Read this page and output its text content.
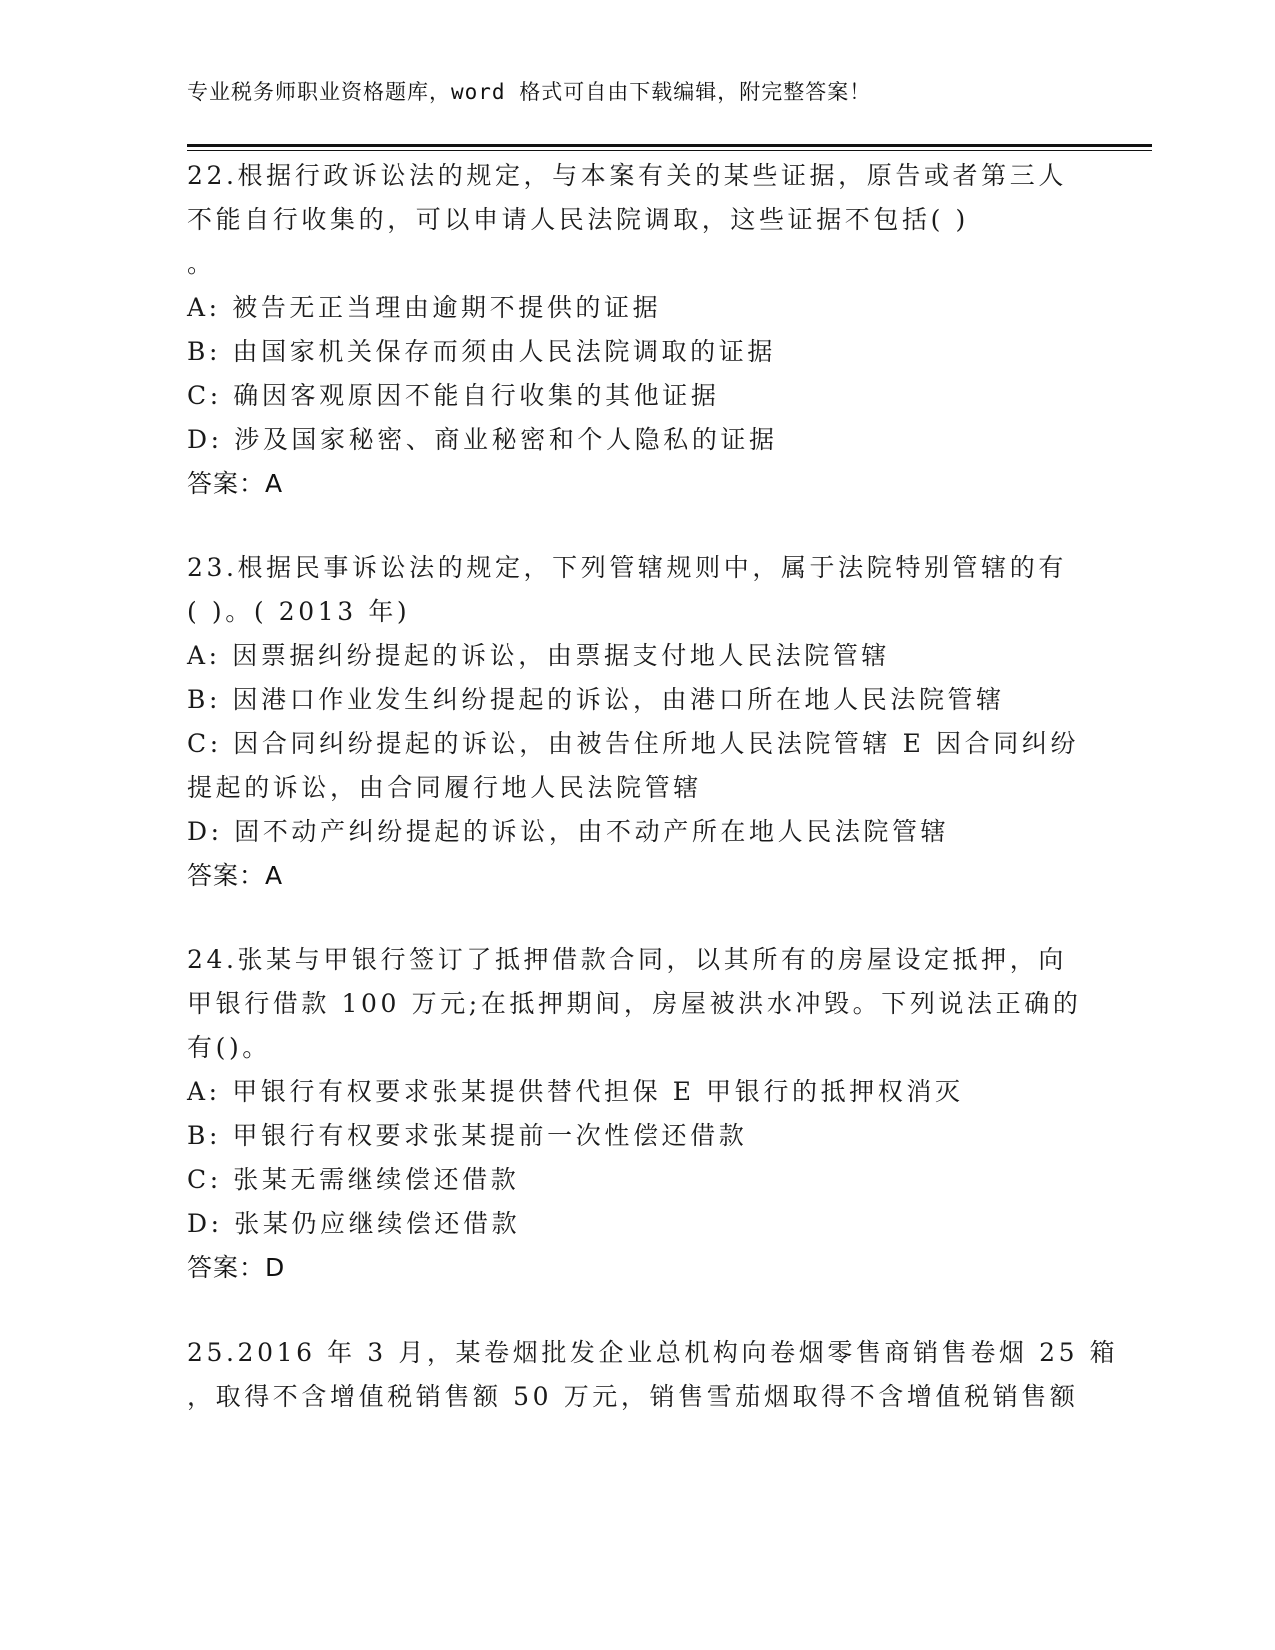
专业税务师职业资格题库，word 格式可自由下载编辑，附完整答案！
22.根据行政诉讼法的规定，与本案有关的某些证据，原告或者第三人
不能自行收集的，可以申请人民法院调取，这些证据不包括( )
。
A: 被告无正当理由逾期不提供的证据
B: 由国家机关保存而须由人民法院调取的证据
C: 确因客观原因不能自行收集的其他证据
D: 涉及国家秘密、商业秘密和个人隐私的证据
答案：A
23.根据民事诉讼法的规定，下列管辖规则中，属于法院特别管辖的有
( )。( 2013 年)
A: 因票据纠纷提起的诉讼，由票据支付地人民法院管辖
B: 因港口作业发生纠纷提起的诉讼，由港口所在地人民法院管辖
C: 因合同纠纷提起的诉讼，由被告住所地人民法院管辖 E 因合同纠纷
提起的诉讼，由合同履行地人民法院管辖
D: 固不动产纠纷提起的诉讼，由不动产所在地人民法院管辖
答案：A
24.张某与甲银行签订了抵押借款合同，以其所有的房屋设定抵押，向
甲银行借款 100 万元;在抵押期间，房屋被洪水冲毁。下列说法正确的
有()。
A: 甲银行有权要求张某提供替代担保 E 甲银行的抵押权消灭
B: 甲银行有权要求张某提前一次性偿还借款
C: 张某无需继续偿还借款
D: 张某仍应继续偿还借款
答案：D
25.2016 年 3 月，某卷烟批发企业总机构向卷烟零售商销售卷烟 25 箱
，取得不含增值税销售额 50 万元，销售雪茄烟取得不含增值税销售额
